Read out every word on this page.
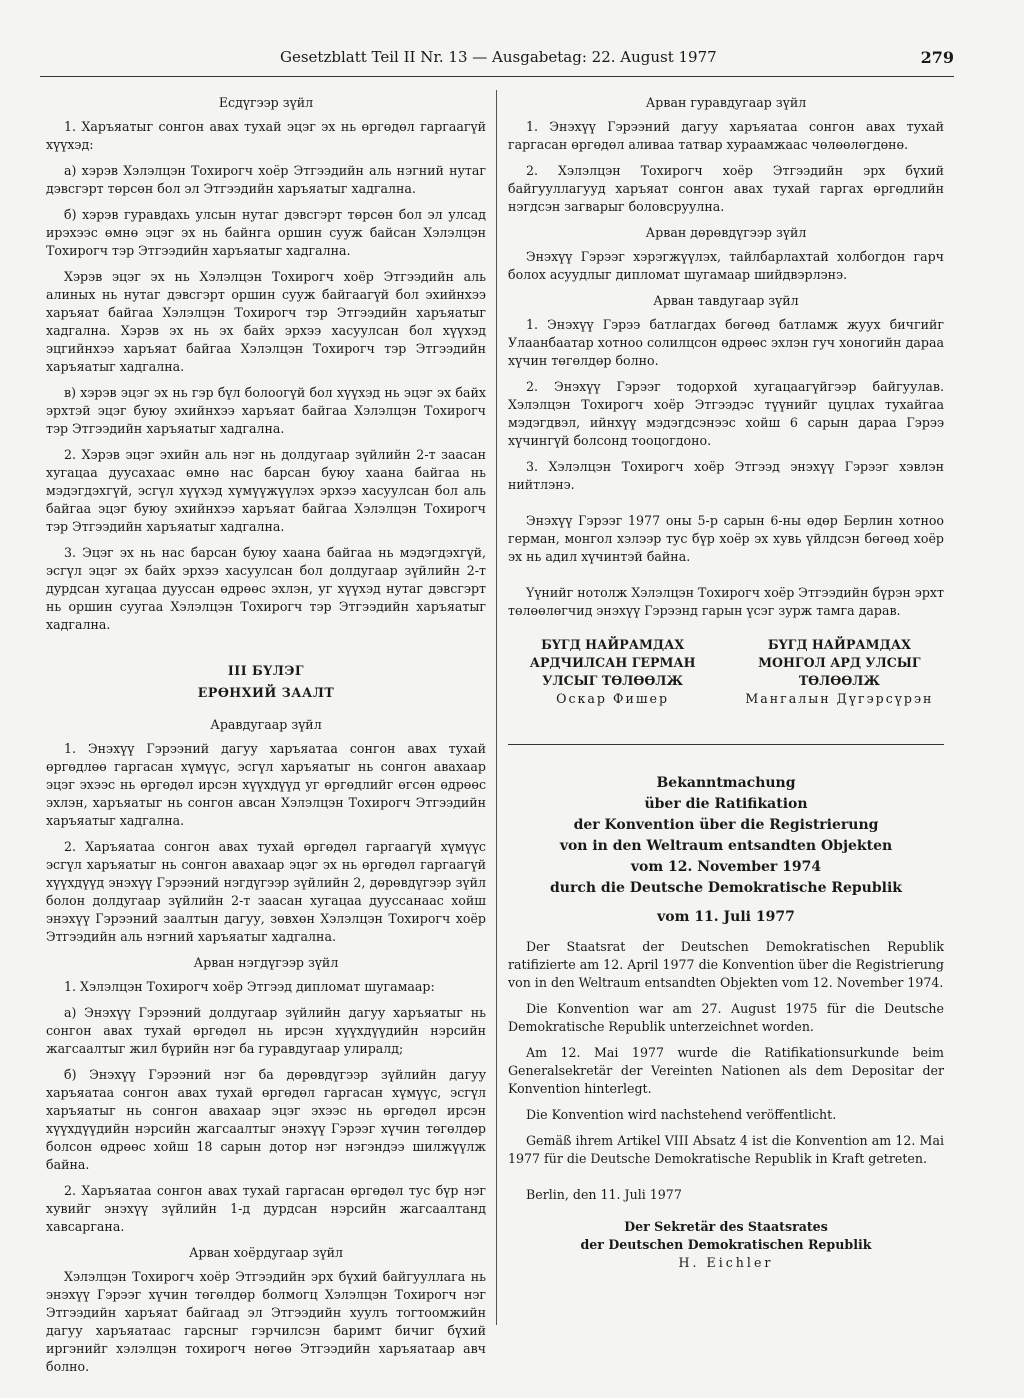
Gesetzblatt Teil II Nr. 13 — Ausgabetag: 22. August 1977	279
Есдүгээр зүйл

1. Харъяатыг сонгон авах тухай эцэг эх нь өргөдөл гаргаагүй хүүхэд:

а) хэрэв Хэлэлцэн Тохирогч хоёр Этгээдийн аль нэгний нутаг дэвсгэрт төрсөн бол эл Этгээдийн харъяатыг хадгална.

б) хэрэв гуравдахь улсын нутаг дэвсгэрт төрсөн бол эл улсад ирэхээс өмнө эцэг эх нь байнга оршин сууж байсан Хэлэлцэн Тохирогч тэр Этгээдийн харъяатыг хадгална.

Хэрэв эцэг эх нь Хэлэлцэн Тохирогч хоёр Этгээдийн аль алиных нь нутаг дэвсгэрт оршин сууж байгаагүй бол эхийнхээ харъяат байгаа Хэлэлцэн Тохирогч тэр Этгээдийн харъяатыг хадгална. Хэрэв эх нь эх байх эрхээ хасуулсан бол хүүхэд эцгийнхээ харъяат байгаа Хэлэлцэн Тохирогч тэр Этгээдийн харъяатыг хадгална.

в) хэрэв эцэг эх нь гэр бүл болоогүй бол хүүхэд нь эцэг эх байх эрхтэй эцэг буюу эхийнхээ харъяат байгаа Хэлэлцэн Тохирогч тэр Этгээдийн харъяатыг хадгална.

2. Хэрэв эцэг эхийн аль нэг нь долдугаар зүйлийн 2-т заасан хугацаа дуусахаас өмнө нас барсан буюу хаана байгаа нь мэдэгдэхгүй, эсгүл хүүхэд хүмүүжүүлэх эрхээ хасуулсан бол аль байгаа эцэг буюу эхийнхээ харъяат байгаа Хэлэлцэн Тохирогч тэр Этгээдийн харъяатыг хадгална.

3. Эцэг эх нь нас барсан буюу хаана байгаа нь мэдэгдэхгүй, эсгүл эцэг эх байх эрхээ хасуулсан бол долдугаар зүйлийн 2-т дурдсан хугацаа дууссан өдрөөс эхлэн, уг хүүхэд нутаг дэвсгэрт нь оршин суугаа Хэлэлцэн Тохирогч тэр Этгээдийн харъяатыг хадгална.

III БҮЛЭГ
ЕРӨНХИЙ ЗААЛТ
Аравдугаар зүйл

1. Энэхүү Гэрээний дагуу харъяатаа сонгон авах тухай өргөдлөө гаргасан хүмүүс, эсгүл харъяатыг нь сонгон авахаар эцэг эхээс нь өргөдөл ирсэн хүүхдүүд уг өргөдлийг өгсөн өдрөөс эхлэн, харъяатыг нь сонгон авсан Хэлэлцэн Тохирогч Этгээдийн харъяатыг хадгална.

2. Харъяатаа сонгон авах тухай өргөдөл гаргаагүй хүмүүс эсгүл харъяатыг нь сонгон авахаар эцэг эх нь өргөдөл гаргаагүй хүүхдүүд энэхүү Гэрээний нэгдүгээр зүйлийн 2, дөрөвдүгээр зүйл болон долдугаар зүйлийн 2-т заасан хугацаа дууссанаас хойш энэхүү Гэрээний заалтын дагуу, зөвхөн Хэлэлцэн Тохирогч хоёр Этгээдийн аль нэгний харъяатыг хадгална.

Арван нэгдүгээр зүйл

1. Хэлэлцэн Тохирогч хоёр Этгээд дипломат шугамаар:

а) Энэхүү Гэрээний долдугаар зүйлийн дагуу харъяатыг нь сонгон авах тухай өргөдөл нь ирсэн хүүхдүүдийн нэрсийн жагсаалтыг жил бүрийн нэг ба гуравдугаар улиралд;

б) Энэхүү Гэрээний нэг ба дөрөвдүгээр зүйлийн дагуу харъяатаа сонгон авах тухай өргөдөл гаргасан хүмүүс, эсгүл харъяатыг нь сонгон авахаар эцэг эхээс нь өргөдөл ирсэн хүүхдүүдийн нэрсийн жагсаалтыг энэхүү Гэрээг хүчин төгөлдөр болсон өдрөөс хойш 18 сарын дотор нэг нэгэндээ шилжүүлж байна.

2. Харъяатаа сонгон авах тухай гаргасан өргөдөл тус бүр нэг хувийг энэхүү зүйлийн 1-д дурдсан нэрсийн жагсаалтанд хавсаргана.

Арван хоёрдугаар зүйл

Хэлэлцэн Тохирогч хоёр Этгээдийн эрх бүхий байгууллага нь энэхүү Гэрээг хүчин төгөлдөр болмогц Хэлэлцэн Тохирогч нэг Этгээдийн харъяат байгаад эл Этгээдийн хуулъ тогтоомжийн дагуу харъяатаас гарсныг гэрчилсэн баримт бичиг бүхий иргэнийг хэлэлцэн тохирогч нөгөө Этгээдийн харъяатаар авч болно.

Арван гуравдугаар зүйл

1. Энэхүү Гэрээний дагуу харъяатаа сонгон авах тухай гаргасан өргөдөл аливаа татвар хураамжаас чөлөөлөгдөнө.

2. Хэлэлцэн Тохирогч хоёр Этгээдийн эрх бүхий байгууллагууд харъяат сонгон авах тухай гаргах өргөдлийн нэгдсэн загварыг боловсруулна.

Арван дөрөвдүгээр зүйл

Энэхүү Гэрээг хэрэгжүүлэх, тайлбарлахтай холбогдон гарч болох асуудлыг дипломат шугамаар шийдвэрлэнэ.

Арван тавдугаар зүйл

1. Энэхүү Гэрээ батлагдах бөгөөд батламж жуух бичгийг Улаанбаатар хотноо солилцсон өдрөөс эхлэн гуч хоногийн дараа хүчин төгөлдөр болно.

2. Энэхүү Гэрээг тодорхой хугацаагүйгээр байгуулав. Хэлэлцэн Тохирогч хоёр Этгээдэс түүнийг цуцлах тухайгаа мэдэгдвэл, ийнхүү мэдэгдсэнээс хойш 6 сарын дараа Гэрээ хүчингүй болсонд тооцогдоно.

3. Хэлэлцэн Тохирогч хоёр Этгээд энэхүү Гэрээг хэвлэн нийтлэнэ.

Энэхүү Гэрээг 1977 оны 5-р сарын 6-ны өдөр Берлин хотноо герман, монгол хэлээр тус бүр хоёр эх хувь үйлдсэн бөгөөд хоёр эх нь адил хүчинтэй байна.

Үүнийг нотолж Хэлэлцэн Тохирогч хоёр Этгээдийн бүрэн эрхт төлөөлөгчид энэхүү Гэрээнд гарын үсэг зурж тамга дарав.

БҮГД НАЙРАМДАХ
АРДЧИЛСАН ГЕРМАН
УЛСЫГ ТӨЛӨӨЛЖ
Оскар Фишер
БҮГД НАЙРАМДАХ
МОНГОЛ АРД УЛСЫГ
ТӨЛӨӨЛЖ
Мангалын Дүгэрсүрэн
Bekanntmachung
über die Ratifikation
der Konvention über die Registrierung
von in den Weltraum entsandten Objekten
vom 12. November 1974
durch die Deutsche Demokratische Republik
vom 11. Juli 1977

Der Staatsrat der Deutschen Demokratischen Republik ratifizierte am 12. April 1977 die Konvention über die Registrierung von in den Weltraum entsandten Objekten vom 12. November 1974.

Die Konvention war am 27. August 1975 für die Deutsche Demokratische Republik unterzeichnet worden.

Am 12. Mai 1977 wurde die Ratifikationsurkunde beim Generalsekretär der Vereinten Nationen als dem Depositar der Konvention hinterlegt.

Die Konvention wird nachstehend veröffentlicht.

Gemäß ihrem Artikel VIII Absatz 4 ist die Konvention am 12. Mai 1977 für die Deutsche Demokratische Republik in Kraft getreten.

Berlin, den 11. Juli 1977

Der Sekretär des Staatsrates
der Deutschen Demokratischen Republik
H. Eichler
